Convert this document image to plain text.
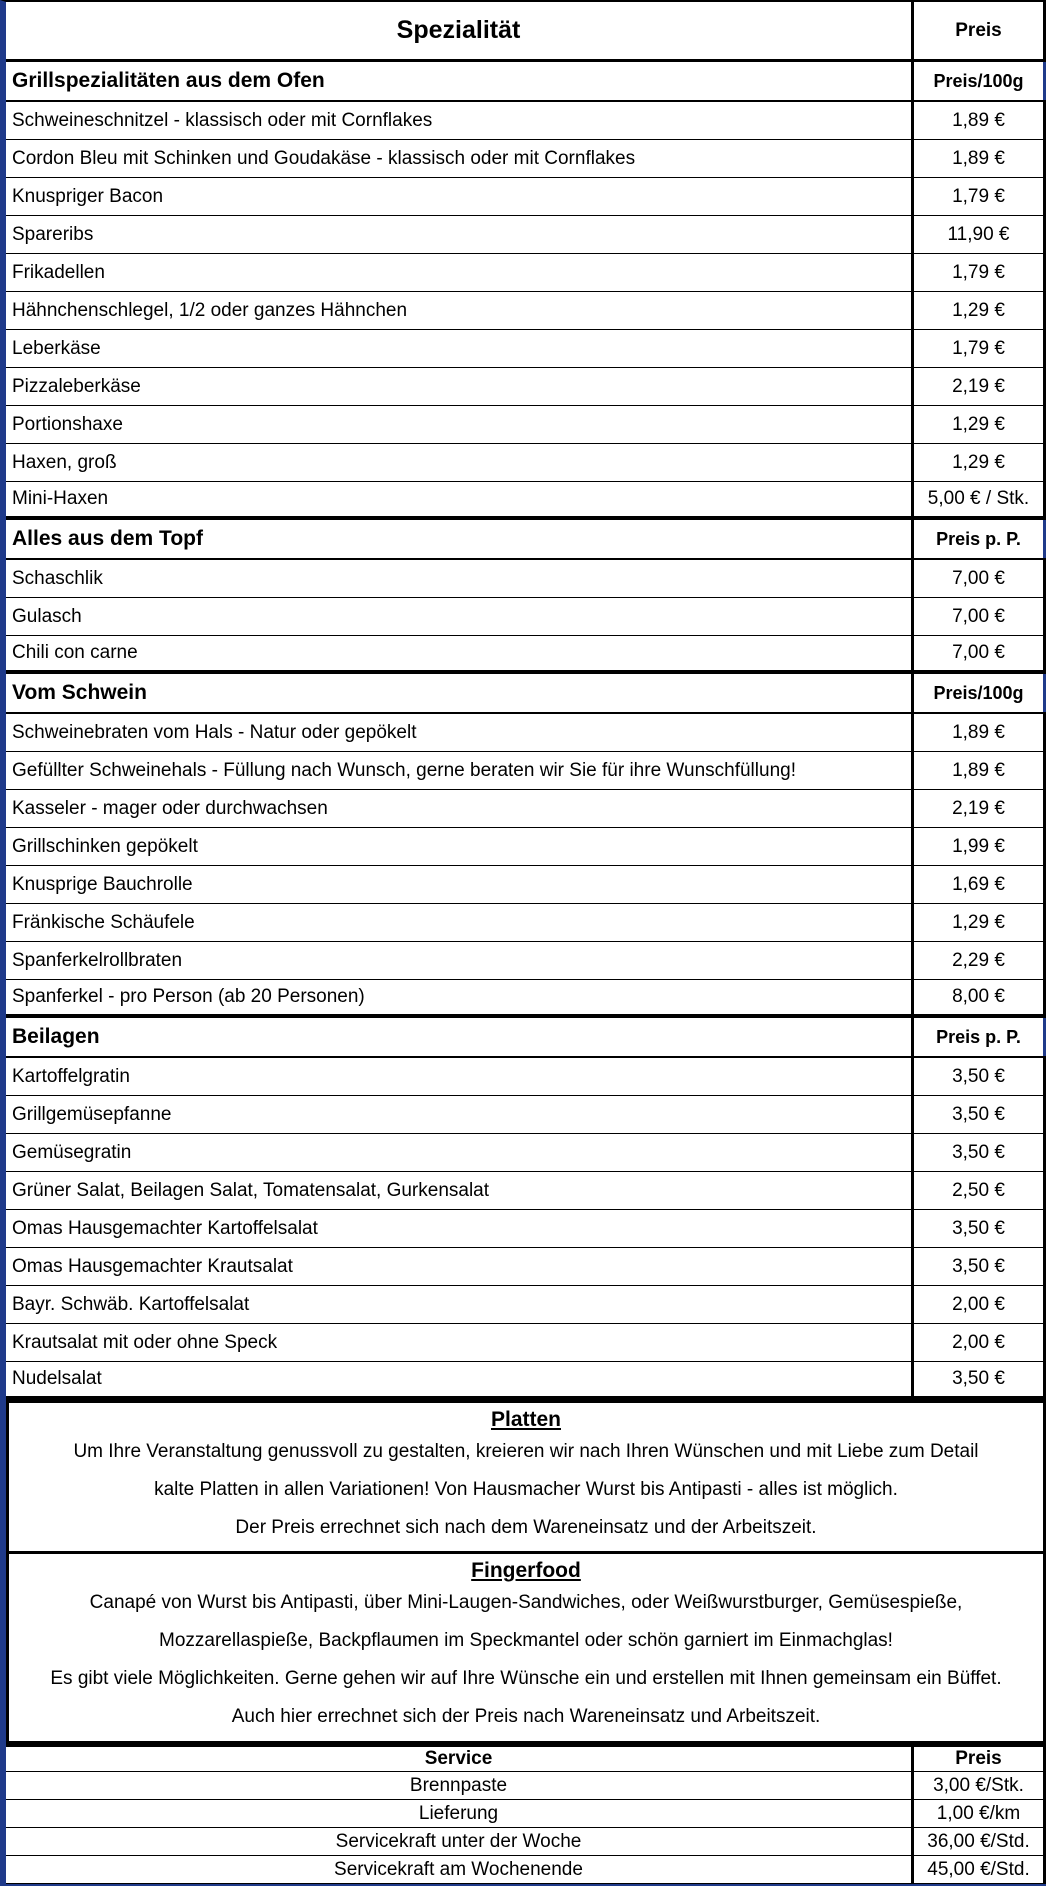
Spezialität	Preis
Grillspezialitäten aus dem Ofen	Preis/100g
Schweineschnitzel - klassisch oder mit Cornflakes	1,89 €
Cordon Bleu mit Schinken und Goudakäse - klassisch oder mit Cornflakes	1,89 €
Knuspriger Bacon	1,79 €
Spareribs	11,90 €
Frikadellen	1,79 €
Hähnchenschlegel, 1/2 oder ganzes Hähnchen	1,29 €
Leberkäse	1,79 €
Pizzaleberkäse	2,19 €
Portionshaxe	1,29 €
Haxen, groß	1,29 €
Mini-Haxen	5,00 € / Stk.
Alles aus dem Topf	Preis p. P.
Schaschlik	7,00 €
Gulasch	7,00 €
Chili con carne	7,00 €
Vom Schwein	Preis/100g
Schweinebraten vom Hals - Natur oder gepökelt	1,89 €
Gefüllter Schweinehals - Füllung nach Wunsch, gerne beraten wir Sie für ihre Wunschfüllung!	1,89 €
Kasseler - mager oder durchwachsen	2,19 €
Grillschinken gepökelt	1,99 €
Knusprige Bauchrolle	1,69 €
Fränkische Schäufele	1,29 €
Spanferkelrollbraten	2,29 €
Spanferkel - pro Person (ab 20 Personen)	8,00 €
Beilagen	Preis p. P.
Kartoffelgratin	3,50 €
Grillgemüsepfanne	3,50 €
Gemüsegratin	3,50 €
Grüner Salat, Beilagen Salat, Tomatensalat, Gurkensalat	2,50 €
Omas Hausgemachter Kartoffelsalat	3,50 €
Omas Hausgemachter Krautsalat	3,50 €
Bayr. Schwäb. Kartoffelsalat	2,00 €
Krautsalat mit oder ohne Speck	2,00 €
Nudelsalat	3,50 €
Platten
Um Ihre Veranstaltung genussvoll zu gestalten, kreieren wir nach Ihren Wünschen und mit Liebe zum Detail
kalte Platten in allen Variationen! Von Hausmacher Wurst bis Antipasti - alles ist möglich.
Der Preis errechnet sich nach dem Wareneinsatz und der Arbeitszeit.
Fingerfood
Canapé von Wurst bis Antipasti, über Mini-Laugen-Sandwiches, oder Weißwurstburger, Gemüsespieße,
Mozzarellaspieße, Backpflaumen im Speckmantel oder schön garniert im Einmachglas!
Es gibt viele Möglichkeiten. Gerne gehen wir auf Ihre Wünsche ein und erstellen mit Ihnen gemeinsam ein Büffet.
Auch hier errechnet sich der Preis nach Wareneinsatz und Arbeitszeit.
Service	Preis
Brennpaste	3,00 €/Stk.
Lieferung	1,00 €/km
Servicekraft unter der Woche	36,00 €/Std.
Servicekraft am Wochenende	45,00 €/Std.
